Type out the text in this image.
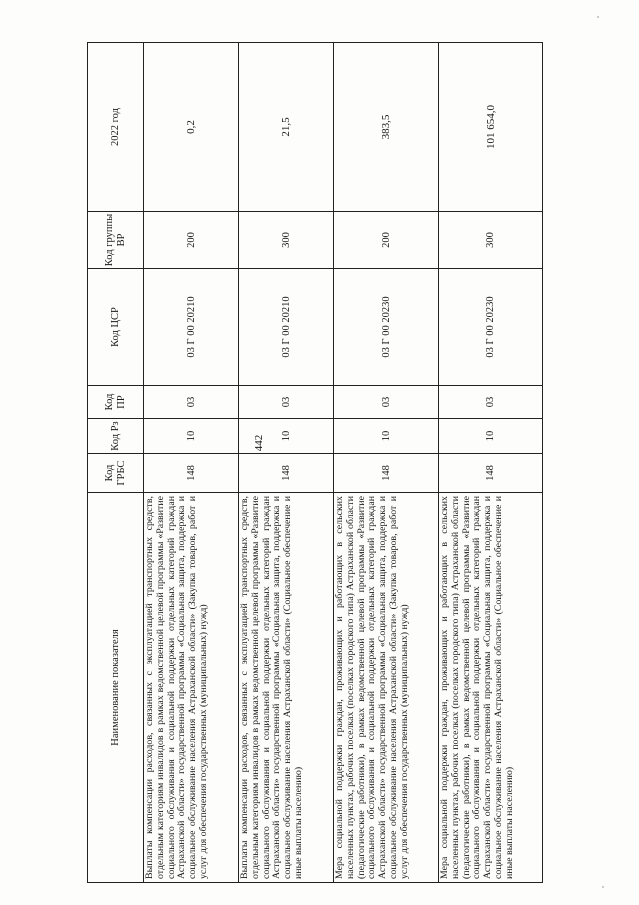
442
Наименование показателя	Код ГРБС	Код Рз	Код ПР	Код ЦСР	Код группы ВР	2022 год
Выплаты компенсации расходов, связанных с эксплуатацией транспортных средств, отдельным категориям инвалидов в рамках ведомственной целевой программы «Развитие социального обслуживания и социальной поддержки отдельных категорий граждан Астраханской области» государственной программы «Социальная защита, поддержка и социальное обслуживание населения Астраханской области» (Закупка товаров, работ и услуг для обеспечения государственных (муниципальных) нужд)	148	10	03	03 Г 00 20210	200	0,2
Выплаты компенсации расходов, связанных с эксплуатацией транспортных средств, отдельным категориям инвалидов в рамках ведомственной целевой программы «Развитие социального обслуживания и социальной поддержки отдельных категорий граждан Астраханской области» государственной программы «Социальная защита, поддержка и социальное обслуживание населения Астраханской области» (Социальное обеспечение и иные выплаты населению)	148	10	03	03 Г 00 20210	300	21,5
Мера социальной поддержки граждан, проживающих и работающих в сельских населенных пунктах, рабочих поселках (поселках городского типа) Астраханской области (педагогические работники), в рамках ведомственной целевой программы «Развитие социального обслуживания и социальной поддержки отдельных категорий граждан Астраханской области» государственной программы «Социальная защита, поддержка и социальное обслуживание населения Астраханской области» (Закупка товаров, работ и услуг для обеспечения государственных (муниципальных) нужд)	148	10	03	03 Г 00 20230	200	383,5
Мера социальной поддержки граждан, проживающих и работающих в сельских населенных пунктах, рабочих поселках (поселках городского типа) Астраханской области (педагогические работники), в рамках ведомственной целевой программы «Развитие социального обслуживания и социальной поддержки отдельных категорий граждан Астраханской области» государственной программы «Социальная защита, поддержка и социальное обслуживание населения Астраханской области» (Социальное обеспечение и иные выплаты населению)	148	10	03	03 Г 00 20230	300	101 654,0
